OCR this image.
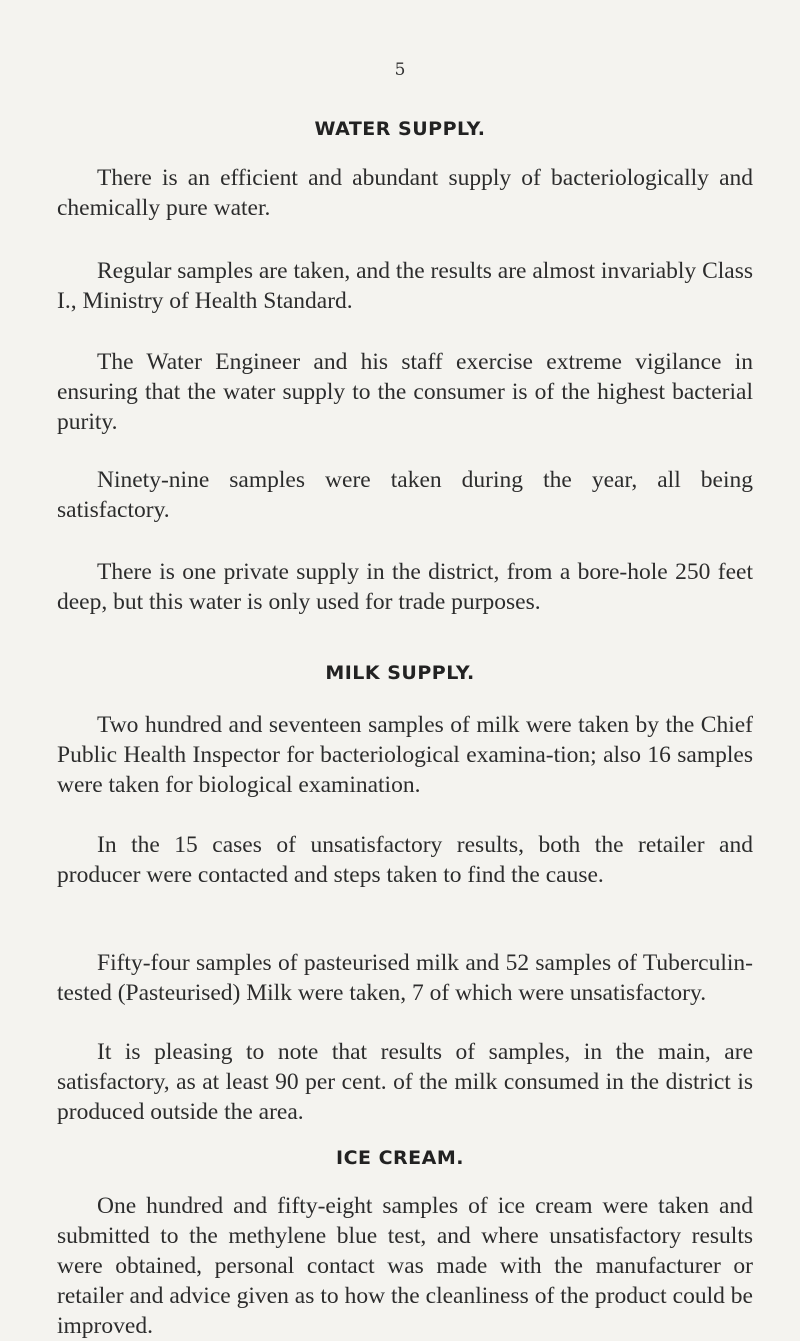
5
WATER SUPPLY.
There is an efficient and abundant supply of bacteriologically and chemically pure water.
Regular samples are taken, and the results are almost invariably Class I., Ministry of Health Standard.
The Water Engineer and his staff exercise extreme vigilance in ensuring that the water supply to the consumer is of the highest bacterial purity.
Ninety-nine samples were taken during the year, all being satisfactory.
There is one private supply in the district, from a bore-hole 250 feet deep, but this water is only used for trade purposes.
MILK SUPPLY.
Two hundred and seventeen samples of milk were taken by the Chief Public Health Inspector for bacteriological examina-tion; also 16 samples were taken for biological examination.
In the 15 cases of unsatisfactory results, both the retailer and producer were contacted and steps taken to find the cause.
Fifty-four samples of pasteurised milk and 52 samples of Tuberculin-tested (Pasteurised) Milk were taken, 7 of which were unsatisfactory.
It is pleasing to note that results of samples, in the main, are satisfactory, as at least 90 per cent. of the milk consumed in the district is produced outside the area.
ICE CREAM.
One hundred and fifty-eight samples of ice cream were taken and submitted to the methylene blue test, and where unsatisfactory results were obtained, personal contact was made with the manufacturer or retailer and advice given as to how the cleanliness of the product could be improved.
